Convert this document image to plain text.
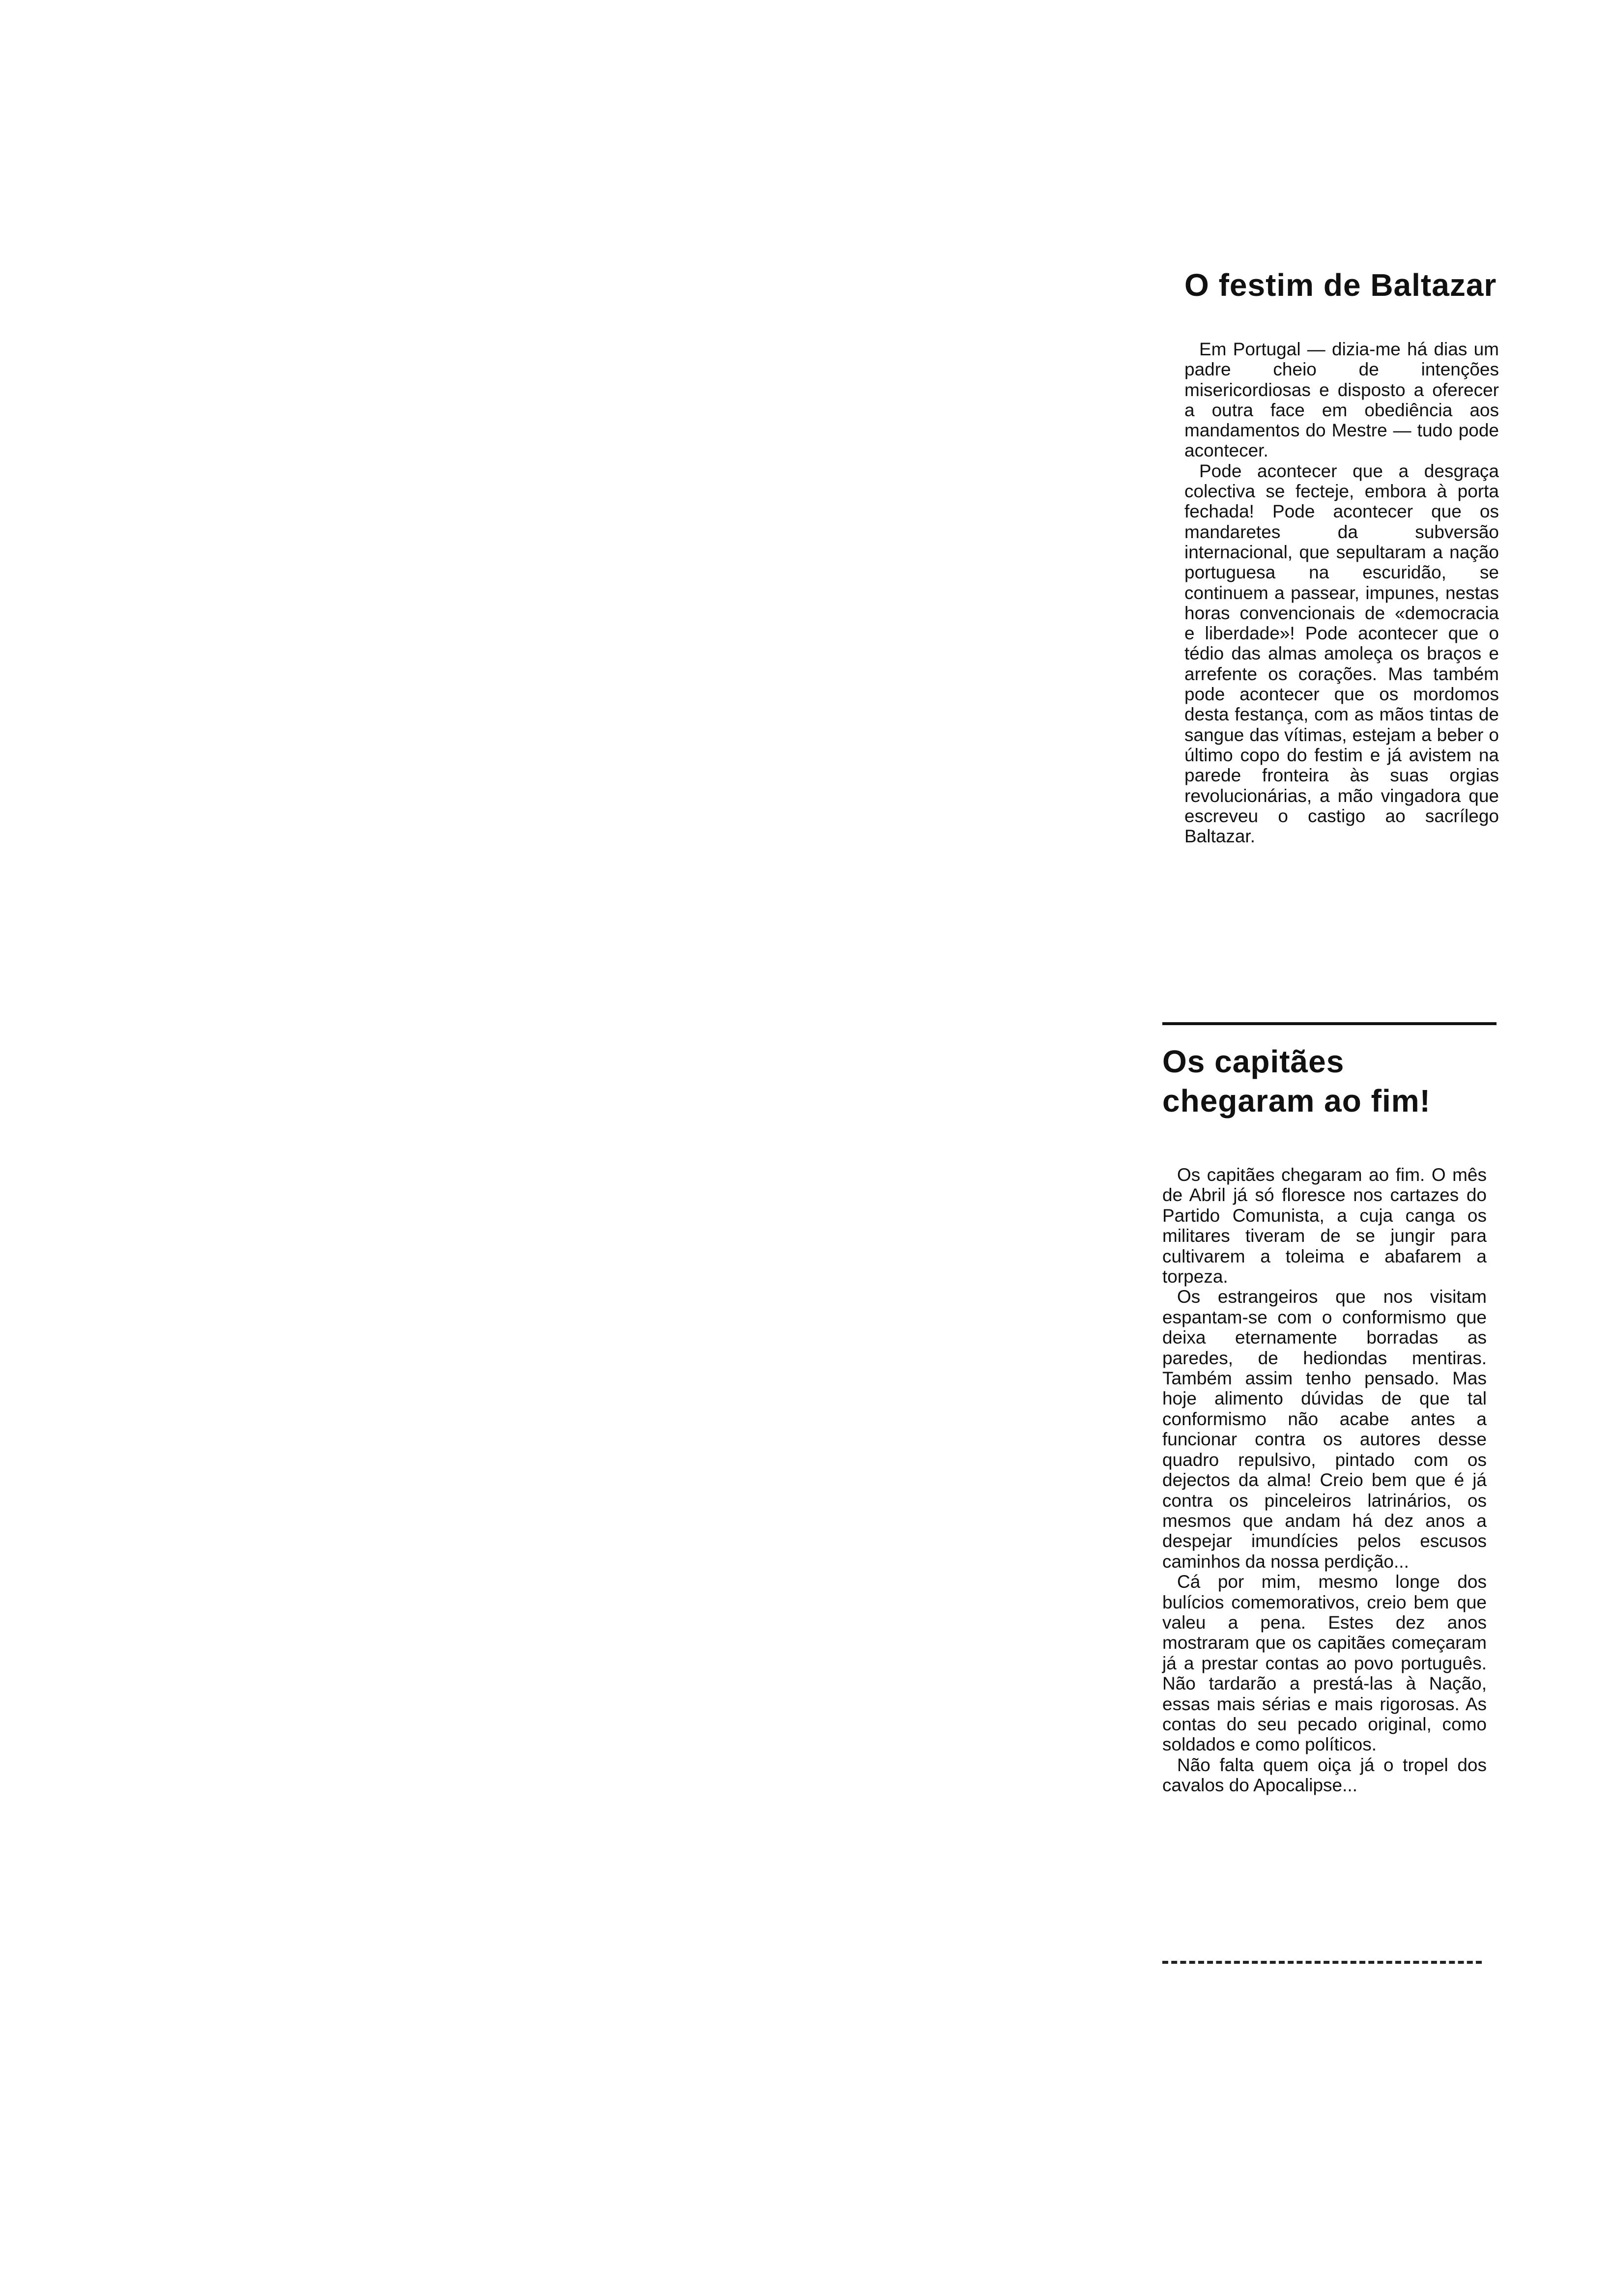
O festim de Baltazar

Em Portugal — dizia-me há dias um padre cheio de intenções misericordiosas e disposto a oferecer a outra face em obediência aos mandamentos do Mestre — tudo pode acontecer.

Pode acontecer que a desgraça colectiva se fecteje, embora à porta fechada! Pode acontecer que os mandaretes da subversão internacional, que sepultaram a nação portuguesa na escuridão, se continuem a passear, impunes, nestas horas convencionais de «democracia e liberdade»! Pode acontecer que o tédio das almas amoleça os braços e arrefente os corações. Mas também pode acontecer que os mordomos desta festança, com as mãos tintas de sangue das vítimas, estejam a beber o último copo do festim e já avistem na parede fronteira às suas orgias revolucionárias, a mão vingadora que escreveu o castigo ao sacrílego Baltazar.

Os capitães chegaram ao fim!

Os capitães chegaram ao fim. O mês de Abril já só floresce nos cartazes do Partido Comunista, a cuja canga os militares tiveram de se jungir para cultivarem a toleima e abafarem a torpeza.

Os estrangeiros que nos visitam espantam-se com o conformismo que deixa eternamente borradas as paredes, de hediondas mentiras. Também assim tenho pensado. Mas hoje alimento dúvidas de que tal conformismo não acabe antes a funcionar contra os autores desse quadro repulsivo, pintado com os dejectos da alma! Creio bem que é já contra os pinceleiros latrinários, os mesmos que andam há dez anos a despejar imundícies pelos escusos caminhos da nossa perdição...

Cá por mim, mesmo longe dos bulícios comemorativos, creio bem que valeu a pena. Estes dez anos mostraram que os capitães começaram já a prestar contas ao povo português. Não tardarão a prestá-las à Nação, essas mais sérias e mais rigorosas. As contas do seu pecado original, como soldados e como políticos.

Não falta quem oiça já o tropel dos cavalos do Apocalipse...
